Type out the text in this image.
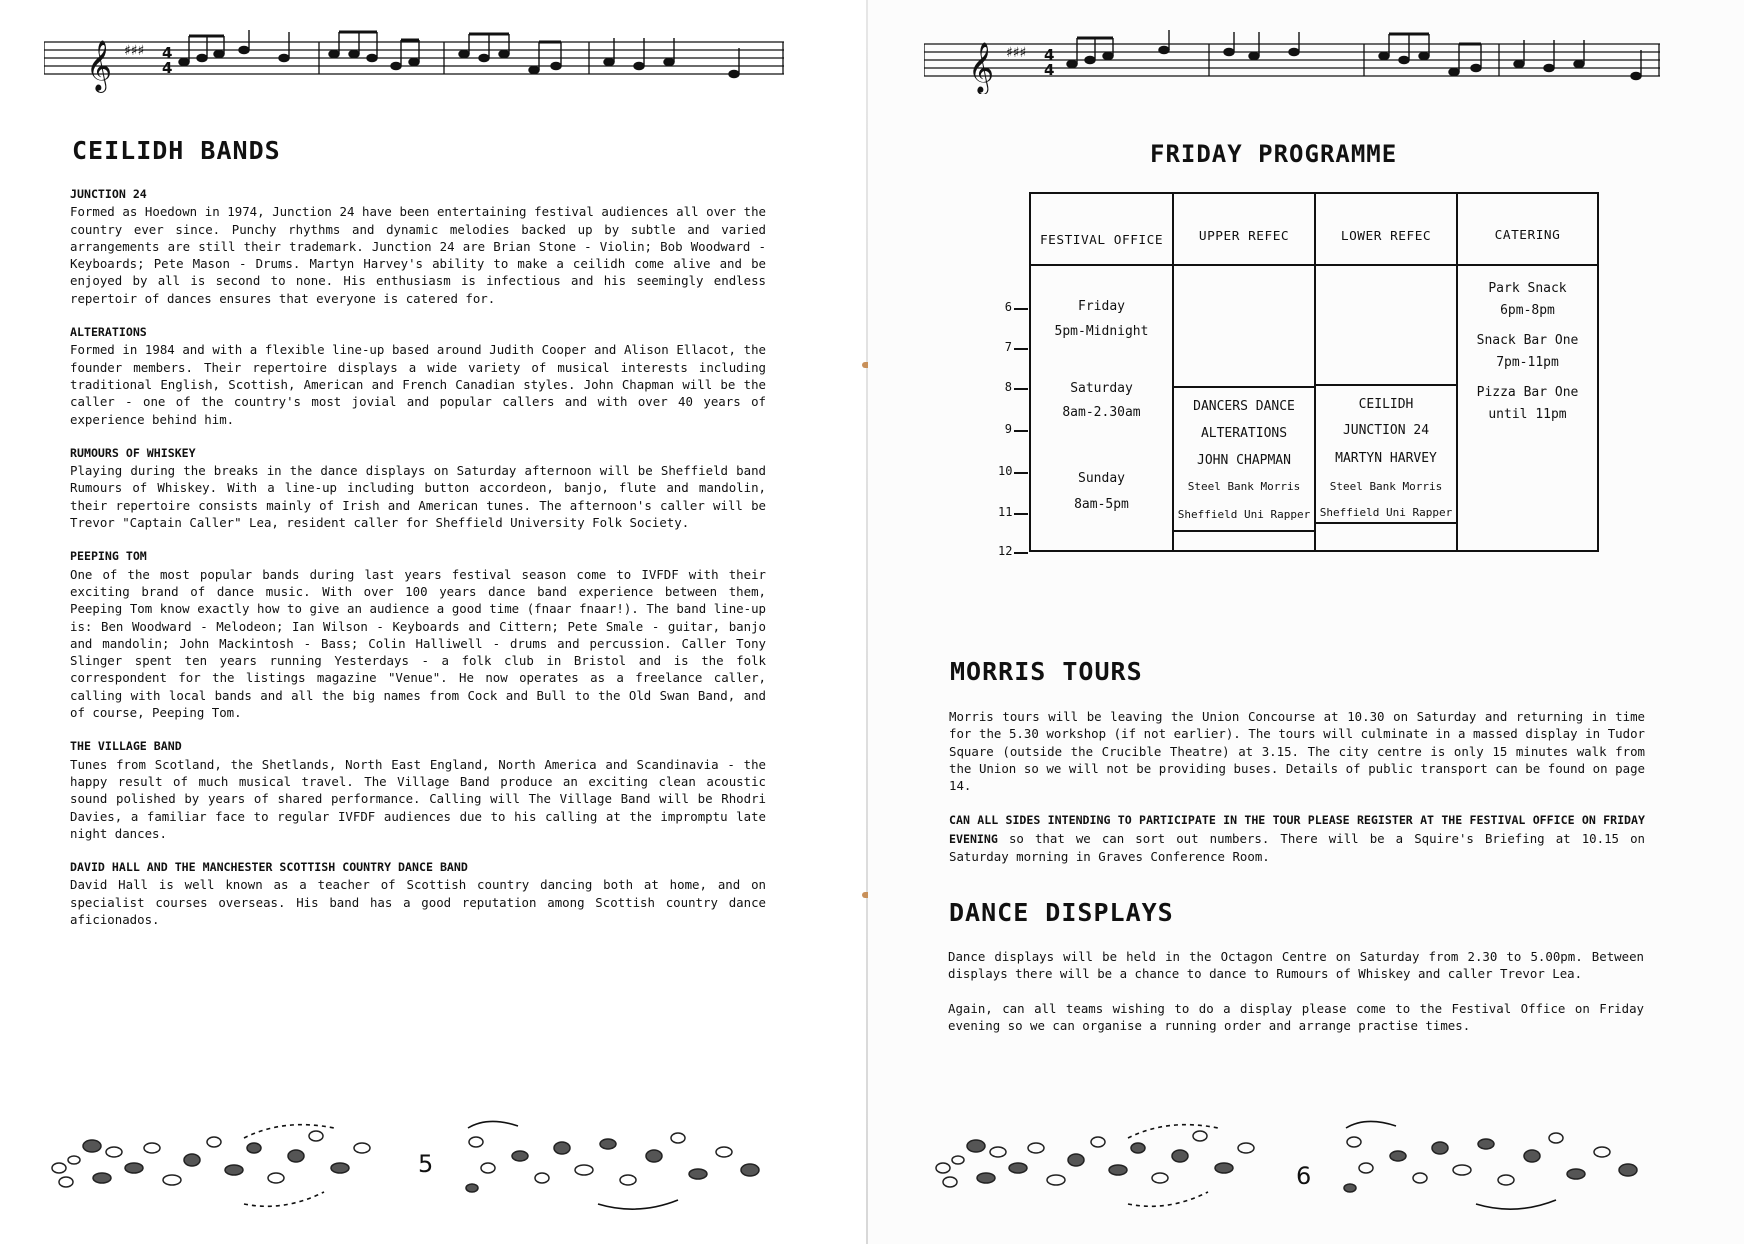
𝄞 ♯♯♯ 4
4
CEILIDH BANDS
JUNCTION 24

Formed as Hoedown in 1974, Junction 24 have been entertaining festival audiences all over the country ever since. Punchy rhythms and dynamic melodies backed up by subtle and varied arrangements are still their trademark. Junction 24 are Brian Stone - Violin; Bob Woodward - Keyboards; Pete Mason - Drums. Martyn Harvey's ability to make a ceilidh come alive and be enjoyed by all is second to none. His enthusiasm is infectious and his seemingly endless repertoir of dances ensures that everyone is catered for.

ALTERATIONS

Formed in 1984 and with a flexible line-up based around Judith Cooper and Alison Ellacot, the founder members. Their repertoire displays a wide variety of musical interests including traditional English, Scottish, American and French Canadian styles. John Chapman will be the caller - one of the country's most jovial and popular callers and with over 40 years of experience behind him.

RUMOURS OF WHISKEY

Playing during the breaks in the dance displays on Saturday afternoon will be Sheffield band Rumours of Whiskey. With a line-up including button accordeon, banjo, flute and mandolin, their repertoire consists mainly of Irish and American tunes. The afternoon's caller will be Trevor "Captain Caller" Lea, resident caller for Sheffield University Folk Society.

PEEPING TOM

One of the most popular bands during last years festival season come to IVFDF with their exciting brand of dance music. With over 100 years dance band experience between them, Peeping Tom know exactly how to give an audience a good time (fnaar fnaar!). The band line-up is: Ben Woodward - Melodeon; Ian Wilson - Keyboards and Cittern; Pete Smale - guitar, banjo and mandolin; John Mackintosh - Bass; Colin Halliwell - drums and percussion. Caller Tony Slinger spent ten years running Yesterdays - a folk club in Bristol and is the folk correspondent for the listings magazine "Venue". He now operates as a freelance caller, calling with local bands and all the big names from Cock and Bull to the Old Swan Band, and of course, Peeping Tom.

THE VILLAGE BAND

Tunes from Scotland, the Shetlands, North East England, North America and Scandinavia - the happy result of much musical travel. The Village Band produce an exciting clean acoustic sound polished by years of shared performance. Calling will The Village Band will be Rhodri Davies, a familiar face to regular IVFDF audiences due to his calling at the impromptu late night dances.

DAVID HALL AND THE MANCHESTER SCOTTISH COUNTRY DANCE BAND

David Hall is well known as a teacher of Scottish country dancing both at home, and on specialist courses overseas. His band has a good reputation among Scottish country dance aficionados.

5
𝄞 ♯♯♯ 4
4
FRIDAY PROGRAMME
6
7
8
9
10
11
12
FESTIVAL OFFICE
Friday
5pm-Midnight
Saturday
8am-2.30am
Sunday
8am-5pm
UPPER REFEC
DANCERS DANCE
ALTERATIONS
JOHN CHAPMAN
Steel Bank Morris
Sheffield Uni Rapper
LOWER REFEC
CEILIDH
JUNCTION 24
MARTYN HARVEY
Steel Bank Morris
Sheffield Uni Rapper
CATERING
Park Snack
6pm-8pm
Snack Bar One
7pm-11pm
Pizza Bar One
until 11pm
MORRIS TOURS

Morris tours will be leaving the Union Concourse at 10.30 on Saturday and returning in time for the 5.30 workshop (if not earlier). The tours will culminate in a massed display in Tudor Square (outside the Crucible Theatre) at 3.15. The city centre is only 15 minutes walk from the Union so we will not be providing buses. Details of public transport can be found on page 14.

CAN ALL SIDES INTENDING TO PARTICIPATE IN THE TOUR PLEASE REGISTER AT THE FESTIVAL OFFICE ON FRIDAY EVENING so that we can sort out numbers. There will be a Squire's Briefing at 10.15 on Saturday morning in Graves Conference Room.

DANCE DISPLAYS

Dance displays will be held in the Octagon Centre on Saturday from 2.30 to 5.00pm. Between displays there will be a chance to dance to Rumours of Whiskey and caller Trevor Lea.

Again, can all teams wishing to do a display please come to the Festival Office on Friday evening so we can organise a running order and arrange practise times.

6
